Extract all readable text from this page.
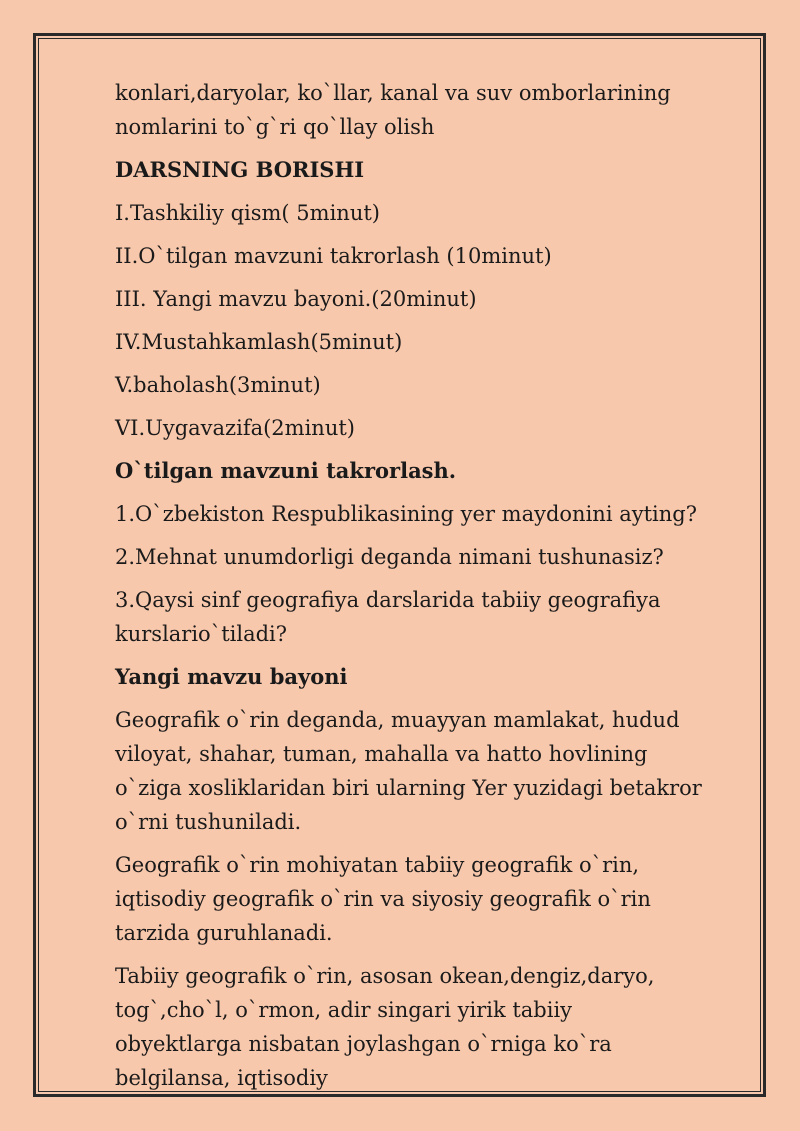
konlari,daryolar, ko`llar, kanal va suv omborlarining
nomlarini to`g`ri qo`llay olish

DARSNING BORISHI

I.Tashkiliy qism( 5minut)

II.O`tilgan mavzuni takrorlash (10minut)

III. Yangi mavzu bayoni.(20minut)

IV.Mustahkamlash(5minut)

V.baholash(3minut)

VI.Uygavazifa(2minut)

O`tilgan mavzuni takrorlash.

1.O`zbekiston Respublikasining yer maydonini ayting?

2.Mehnat unumdorligi deganda nimani tushunasiz?

3.Qaysi sinf geografiya darslarida tabiiy geografiya kurslario`tiladi?

Yangi mavzu bayoni

Geografik o`rin deganda, muayyan mamlakat, hudud viloyat, shahar, tuman, mahalla va hatto hovlining o`ziga xosliklaridan biri ularning Yer yuzidagi betakror o`rni tushuniladi.

Geografik o`rin mohiyatan tabiiy geografik o`rin, iqtisodiy geografik o`rin va siyosiy geografik o`rin tarzida guruhlanadi.

Tabiiy geografik o`rin, asosan okean,dengiz,daryo, tog`,cho`l, o`rmon, adir singari yirik tabiiy obyektlarga nisbatan joylashgan o`rniga ko`ra belgilansa, iqtisodiy
